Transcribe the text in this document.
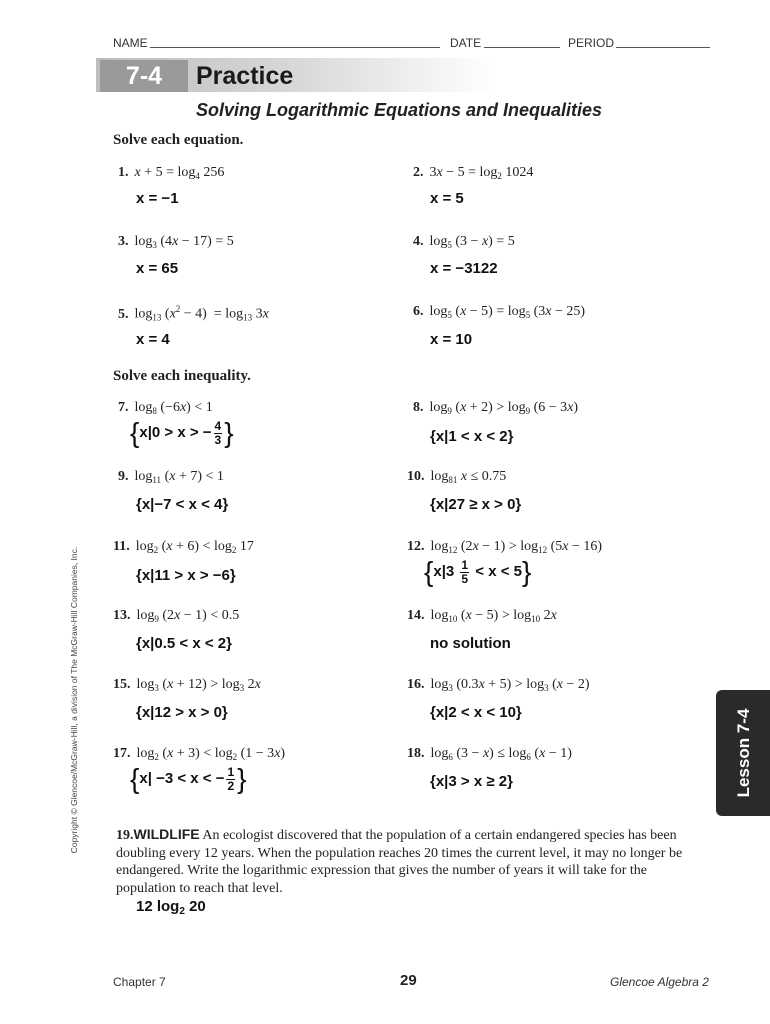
NAME	DATE	PERIOD
7-4	Practice
Solving Logarithmic Equations and Inequalities
Solve each equation.
1. $x + 5 = \log_4 256$
x = −1
2. $3x - 5 = \log_2 1024$
x = 5
3. $\log_3 (4x - 17) = 5$
x = 65
4. $\log_5 (3 - x) = 5$
x = −3122
5. $\log_{13} (x^2 - 4) = \log_{13} 3x$
x = 4
6. $\log_5 (x - 5) = \log_5 (3x - 25)$
x = 10
Solve each inequality.
7. $\log_8 (-6x) < 1$
{x|0 > x > − $\frac{4}{3}$ }
8. $\log_9 (x + 2) > \log_9 (6 - 3x)$
{x|1 < x < 2}
9. $\log_{11} (x + 7) < 1$
{x|−7 < x < 4}
10. $\log_{81} x \le 0.75$
{x|27 ≥ x > 0}
11. $\log_2 (x + 6) < \log_2 17$
{x|11 > x > −6}
12. $\log_{12} (2x - 1) > \log_{12} (5x - 16)$
$\{x|3 \frac{1}{5} < x < 5\}$
13. $\log_9 (2x - 1) < 0.5$
{x|0.5 < x < 2}
14. $\log_{10} (x - 5) > \log_{10} 2x$
no solution
15. $\log_3 (x + 12) > \log_3 2x$
{x|12 > x > 0}
16. $\log_3 (0.3x + 5) > \log_3 (x - 2)$
{x|2 < x < 10}
17. $\log_2 (x + 3) < \log_2 (1 - 3x)$
{x| −3 < x < − $\frac{1}{2}$ }
18. $\log_6 (3 - x) \le \log_6 (x - 1)$
{x|3 > x ≥ 2}
19.WILDLIFE An ecologist discovered that the population of a certain endangered species has been doubling every 12 years. When the population reaches 20 times the current level, it may no longer be endangered. Write the logarithmic expression that gives the number of years it will take for the population to reach that level.
12 $\log_2 20$
Lesson 7-4
Copyright © Glencoe/McGraw-Hill, a division of The McGraw-Hill Companies, Inc.
Chapter 7	29	Glencoe Algebra 2
